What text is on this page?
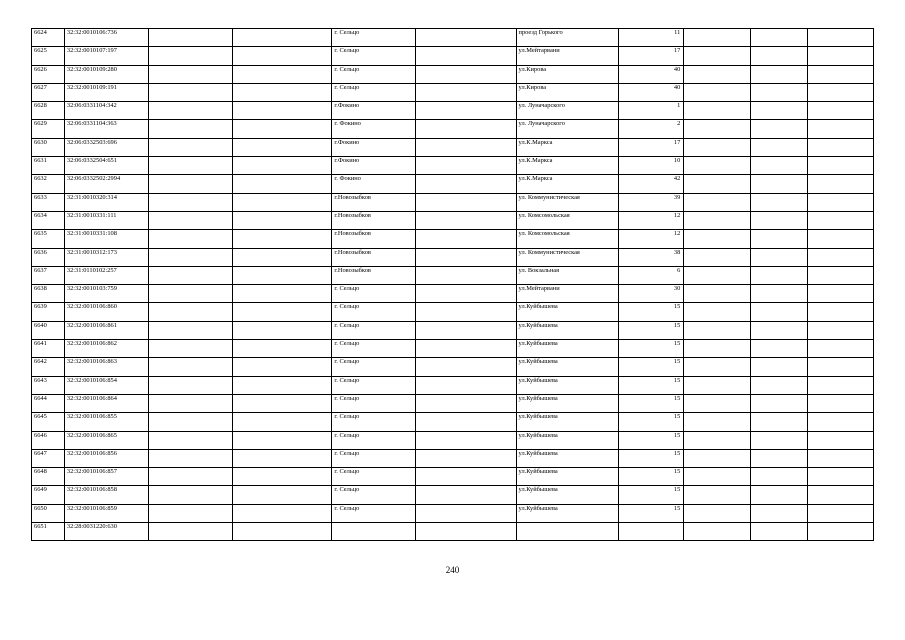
6624	32:32:0010106:736			г. Сельцо		проезд Горького	11			
6625	32:32:0010107:197			г. Сельцо		ул.Мейтарвани	17			
6626	32:32:0010109:280			г. Сельцо		ул.Кирова	40			
6627	32:32:0010109:191			г. Сельцо		ул.Кирова	40			
6628	32:06:0331104:342			г.Фокино		ул. Луначарского	1			
6629	32:06:0331104:363			г. Фокино		ул. Луначарского	2			
6630	32:06:0332503:696			г.Фокино		ул.К.Маркса	17			
6631	32:06:0332504:651			г.Фокино		ул.К.Маркса	10			
6632	32:06:0332502:2994			г. Фокино		ул.К.Маркса	42			
6633	32:31:0010320:314			г.Новозыбков		ул. Коммунистическая	39			
6634	32:31:0010331:111			г.Новозыбков		ул. Комсомольская	12			
6635	32:31:0010331:108			г.Новозыбков		ул. Комсомольская	12			
6636	32:31:0010312:173			г.Новозыбков		ул. Коммунистическая	38			
6637	32:31:0110102:257			г.Новозыбков		ул. Вокзальная	6			
6638	32:32:0010103:759			г. Сельцо		ул.Мейтарвани	30			
6639	32:32:0010106:860			г. Сельцо		ул.Куйбышева	15			
6640	32:32:0010106:861			г. Сельцо		ул.Куйбышева	15			
6641	32:32:0010106:862			г. Сельцо		ул.Куйбышева	15			
6642	32:32:0010106:863			г. Сельцо		ул.Куйбышева	15			
6643	32:32:0010106:854			г. Сельцо		ул.Куйбышева	15			
6644	32:32:0010106:864			г. Сельцо		ул.Куйбышева	15			
6645	32:32:0010106:855			г. Сельцо		ул.Куйбышева	15			
6646	32:32:0010106:865			г. Сельцо		ул.Куйбышева	15			
6647	32:32:0010106:856			г. Сельцо		ул.Куйбышева	15			
6648	32:32:0010106:857			г. Сельцо		ул.Куйбышева	15			
6649	32:32:0010106:858			г. Сельцо		ул.Куйбышева	15			
6650	32:32:0010106:859			г. Сельцо		ул.Куйбышева	15			
6651	32:28:0031220:630									
240
